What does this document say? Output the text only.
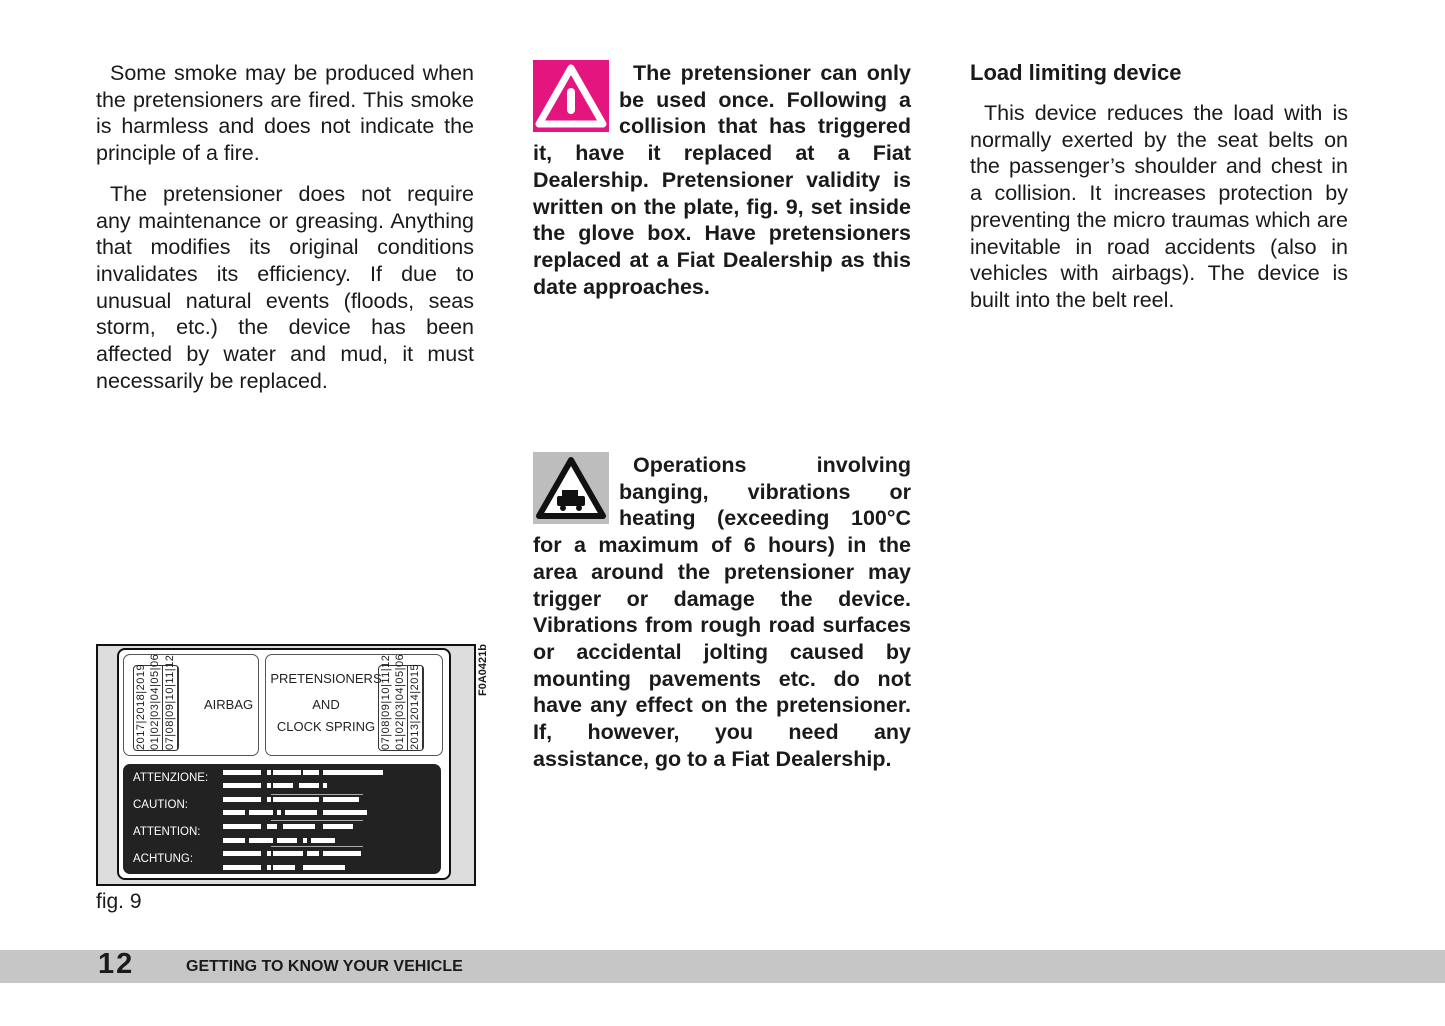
Some smoke may be produced when the pretensioners are fired. This smoke is harmless and does not indicate the principle of a fire.

The pretensioner does not require any maintenance or greasing. Anything that modifies its original conditions invalidates its efficiency. If due to unusual natural events (floods, seas storm, etc.) the device has been affected by water and mud, it must necessarily be replaced.

The pretensioner can only be used once. Following a collision that has triggered it, have it replaced at a Fiat Dealership. Pretensioner validity is written on the plate, fig. 9, set inside the glove box. Have pretensioners replaced at a Fiat Dealership as this date approaches.

Operations involving banging, vibrations or heating (exceeding 100°C for a maximum of 6 hours) in the area around the pretensioner may trigger or damage the device. Vibrations from rough road surfaces or accidental jolting caused by mounting pavements etc. do not have any effect on the pretensioner. If, however, you need any assistance, go to a Fiat Dealership.

Load limiting device

This device reduces the load with is normally exerted by the seat belts on the passenger’s shoulder and chest in a collision. It increases protection by preventing the micro traumas which are inevitable in road accidents (also in vehicles with airbags). The device is built into the belt reel.

2017|2018|2019 01|02|03|04|05|06 07|08|09|10|11|12 AIRBAG
PRETENSIONERS
AND
CLOCK SPRING 07|08|09|10|11|12 01|02|03|04|05|06 2013|2014|2015
ATTENZIONE:
CAUTION:
ATTENTION:
ACHTUNG:
F0A0421b
fig. 9
12	GETTING TO KNOW YOUR VEHICLE
